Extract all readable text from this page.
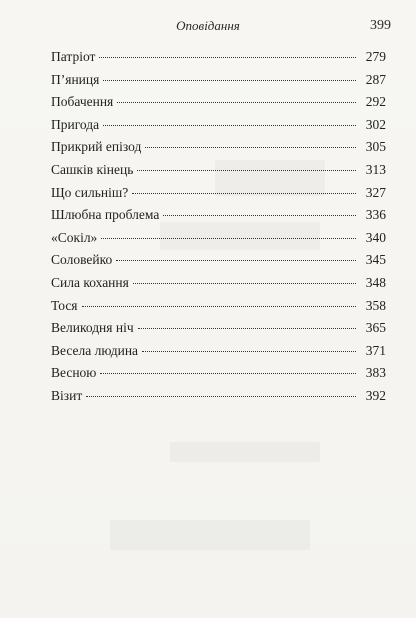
Оповідання	399
Патріот	279
П’яниця	287
Побачення	292
Пригода	302
Прикрий епізод	305
Сашків кінець	313
Що сильніш?	327
Шлюбна проблема	336
«Сокіл»	340
Соловейко	345
Сила кохання	348
Тося	358
Великодня ніч	365
Весела людина	371
Весною	383
Візит	392
